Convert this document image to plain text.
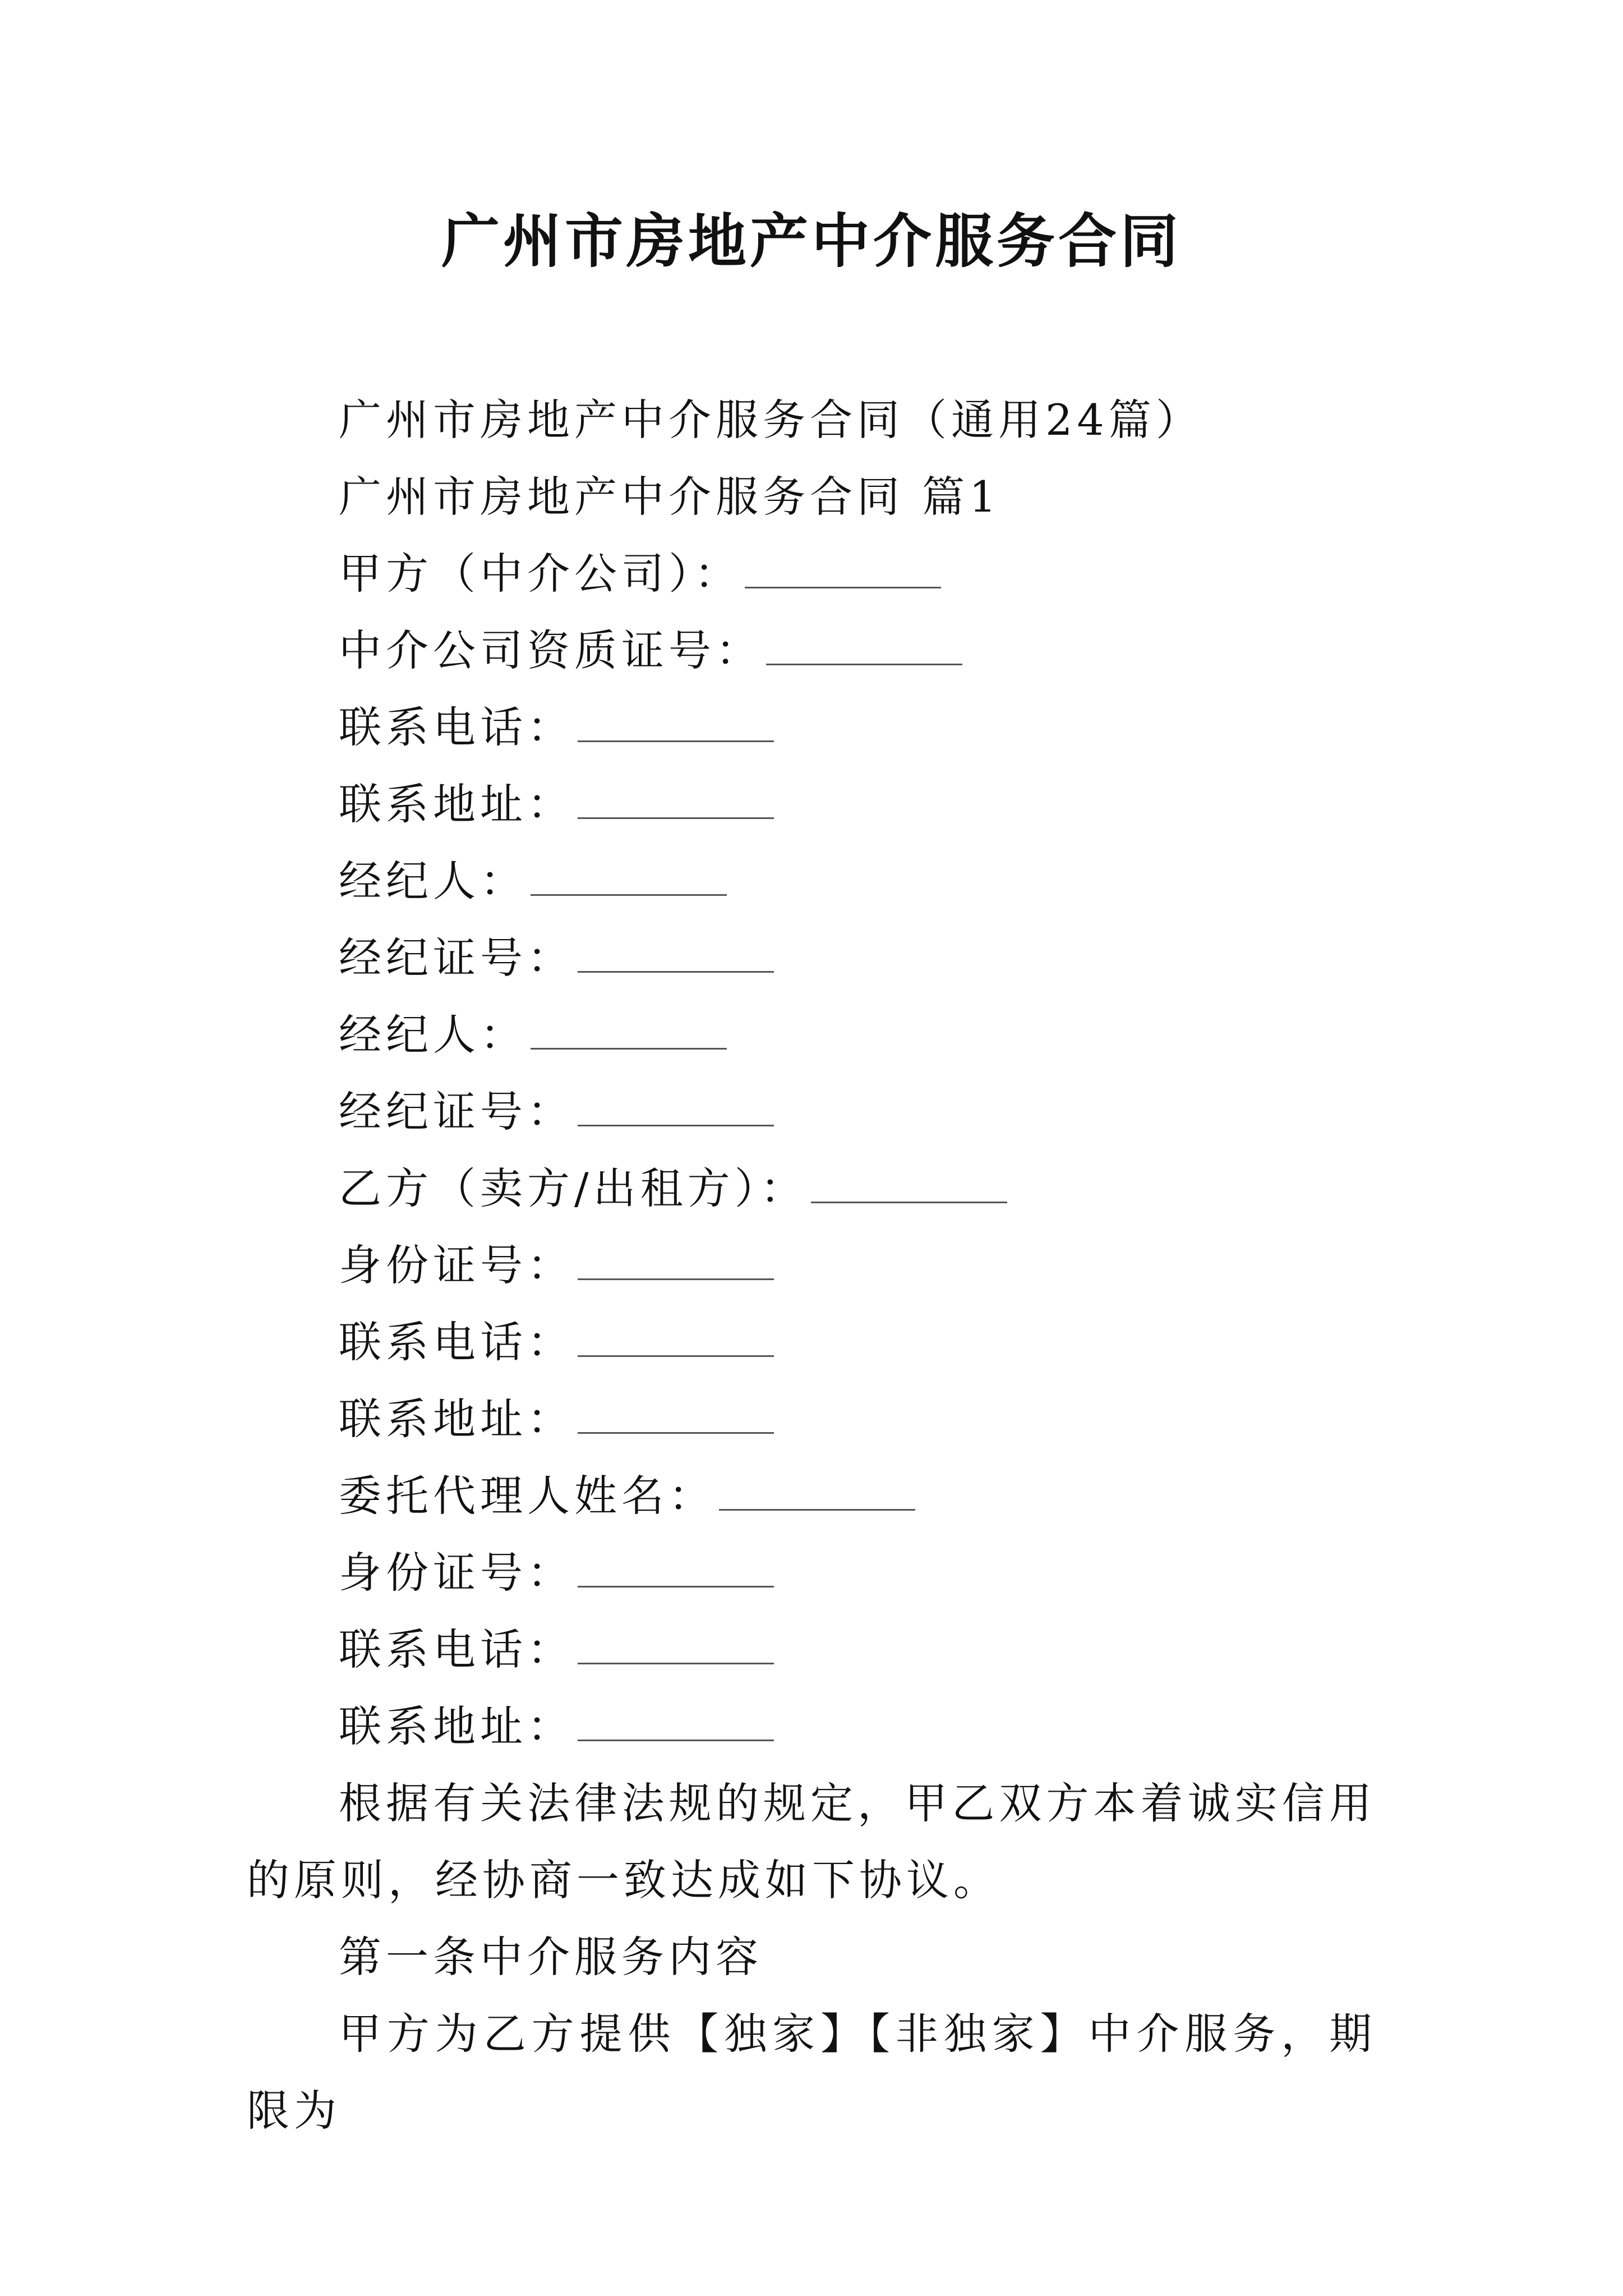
广州市房地产中介服务合同

广州市房地产中介服务合同（通用24篇）

广州市房地产中介服务合同 篇1

甲方（中介公司）：

中介公司资质证号：

联系电话：

联系地址：

经纪人：

经纪证号：

经纪人：

经纪证号：

乙方（卖方/出租方）：

身份证号：

联系电话：

联系地址：

委托代理人姓名：

身份证号：

联系电话：

联系地址：

根据有关法律法规的规定，甲乙双方本着诚实信用的原则，经协商一致达成如下协议。

第一条中介服务内容

甲方为乙方提供【独家】【非独家】中介服务，期限为
